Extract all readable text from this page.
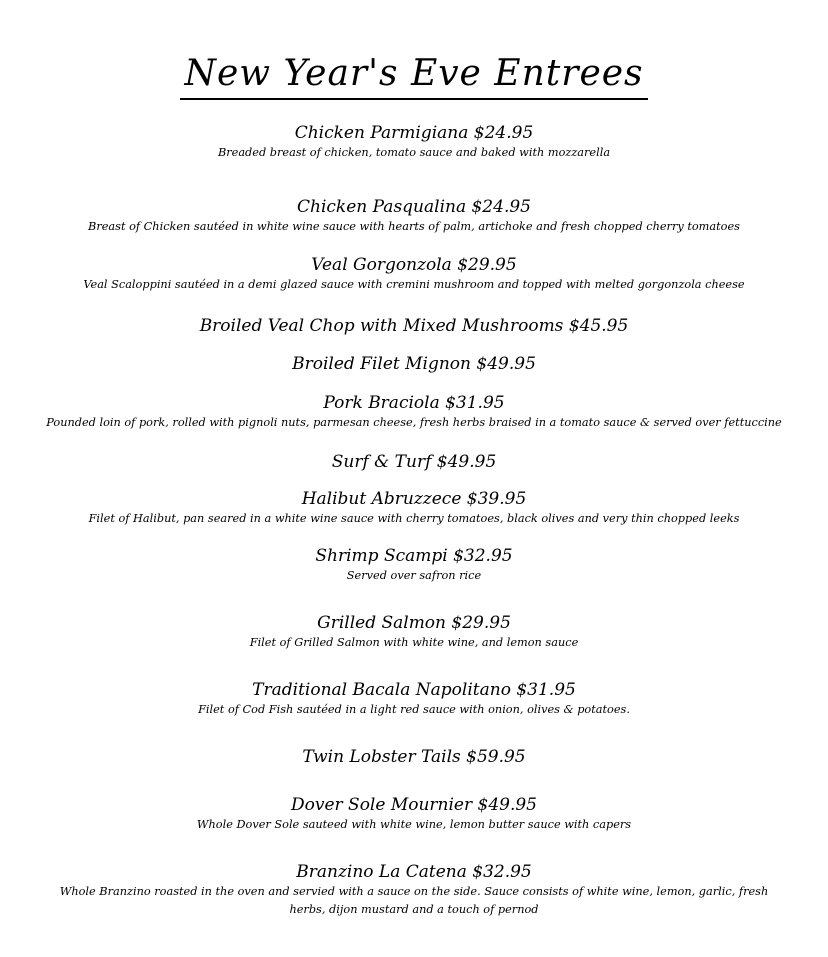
New Year's Eve Entrees
Chicken Parmigiana $24.95
Breaded breast of chicken, tomato sauce and baked with mozzarella
Chicken Pasqualina $24.95
Breast of Chicken sautéed in white wine sauce with hearts of palm, artichoke and fresh chopped cherry tomatoes
Veal Gorgonzola $29.95
Veal Scaloppini sautéed in a demi glazed sauce with cremini mushroom and topped with melted gorgonzola cheese
Broiled Veal Chop with Mixed Mushrooms $45.95
Broiled Filet Mignon $49.95
Pork Braciola $31.95
Pounded loin of pork, rolled with pignoli nuts, parmesan cheese, fresh herbs braised in a tomato sauce & served over fettuccine
Surf & Turf $49.95
Halibut Abruzzece $39.95
Filet of Halibut, pan seared in a white wine sauce with cherry tomatoes, black olives and very thin chopped leeks
Shrimp Scampi $32.95
Served over safron rice
Grilled Salmon $29.95
Filet of Grilled Salmon with white wine, and lemon sauce
Traditional Bacala Napolitano $31.95
Filet of Cod Fish sautéed in a light red sauce with onion, olives & potatoes.
Twin Lobster Tails $59.95
Dover Sole Mournier $49.95
Whole Dover Sole sauteed with white wine, lemon butter sauce with capers
Branzino La Catena $32.95
Whole Branzino roasted in the oven and servied with a sauce on the side. Sauce consists of white wine, lemon, garlic, fresh herbs, dijon mustard and a touch of pernod
